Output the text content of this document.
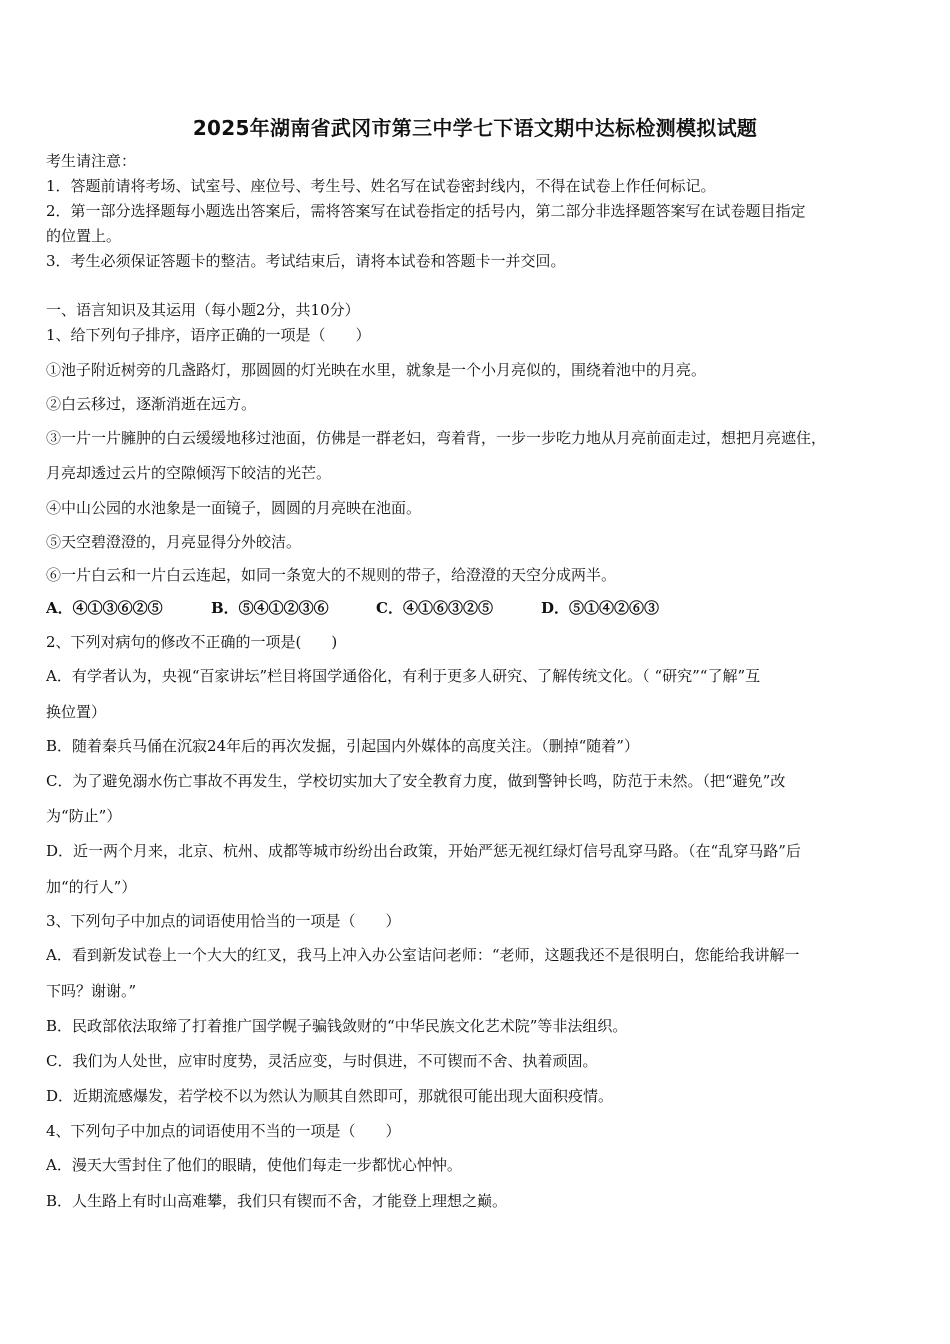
2025年湖南省武冈市第三中学七下语文期中达标检测模拟试题
考生请注意：
1．答题前请将考场、试室号、座位号、考生号、姓名写在试卷密封线内，不得在试卷上作任何标记。
2．第一部分选择题每小题选出答案后，需将答案写在试卷指定的括号内，第二部分非选择题答案写在试卷题目指定
的位置上。
3．考生必须保证答题卡的整洁。考试结束后，请将本试卷和答题卡一并交回。
一、语言知识及其运用（每小题2分，共10分）
1、给下列句子排序，语序正确的一项是（　　）
①池子附近树旁的几盏路灯，那圆圆的灯光映在水里，就象是一个小月亮似的，围绕着池中的月亮。
②白云移过，逐渐消逝在远方。
③一片一片臃肿的白云缓缓地移过池面，仿佛是一群老妇，弯着背，一步一步吃力地从月亮前面走过，想把月亮遮住，
月亮却透过云片的空隙倾泻下皎洁的光芒。
④中山公园的水池象是一面镜子，圆圆的月亮映在池面。
⑤天空碧澄澄的，月亮显得分外皎洁。
⑥一片白云和一片白云连起，如同一条宽大的不规则的带子，给澄澄的天空分成两半。
A．④①③⑥②⑤	B．⑤④①②③⑥	C．④①⑥③②⑤	D．⑤①④②⑥③
2、下列对病句的修改不正确的一项是(　　)
A．有学者认为，央视“百家讲坛”栏目将国学通俗化，有利于更多人研究、了解传统文化。（ “研究”“了解”互
换位置）
B．随着秦兵马俑在沉寂24年后的再次发掘，引起国内外媒体的高度关注。（删掉“随着”）
C．为了避免溺水伤亡事故不再发生，学校切实加大了安全教育力度，做到警钟长鸣，防范于未然。（把“避免”改
为“防止”）
D．近一两个月来，北京、杭州、成都等城市纷纷出台政策，开始严惩无视红绿灯信号乱穿马路。（在“乱穿马路”后
加“的行人”）
3、下列句子中加点的词语使用恰当的一项是（　　）
A．看到新发试卷上一个大大的红叉，我马上冲入办公室诘问老师：“老师，这题我还不是很明白，您能给我讲解一
下吗？谢谢。”
B．民政部依法取缔了打着推广国学幌子骗钱敛财的“中华民族文化艺术院”等非法组织。
C．我们为人处世，应审时度势，灵活应变，与时俱进，不可锲而不舍、执着顽固。
D．近期流感爆发，若学校不以为然认为顺其自然即可，那就很可能出现大面积疫情。
4、下列句子中加点的词语使用不当的一项是（　　）
A．漫天大雪封住了他们的眼睛，使他们每走一步都忧心忡忡。
B．人生路上有时山高难攀，我们只有锲而不舍，才能登上理想之巅。
